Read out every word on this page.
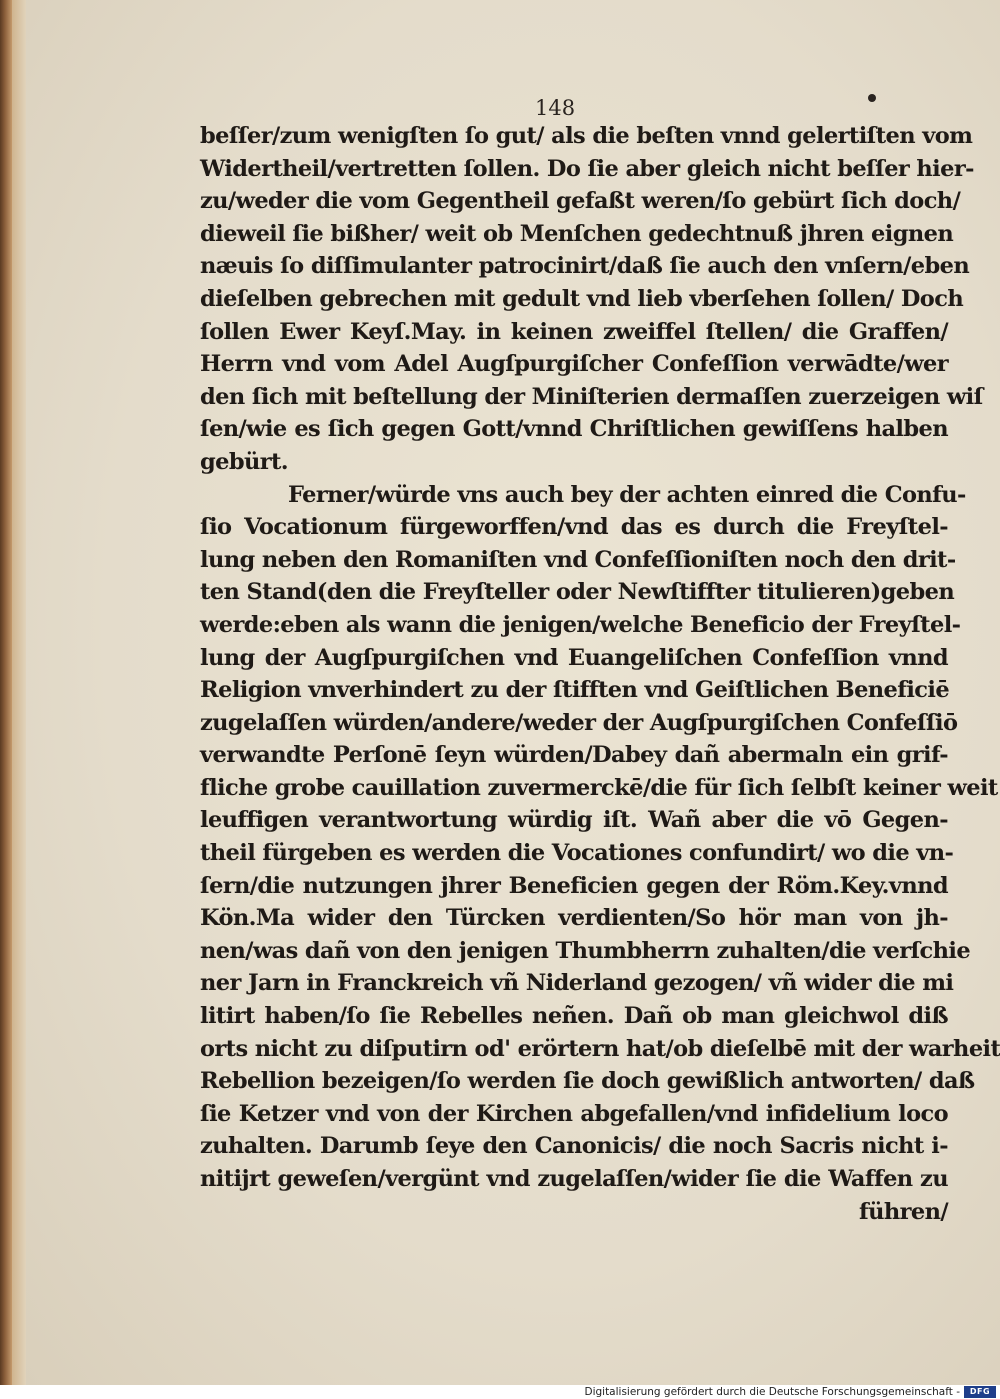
148
beſſer/zum wenigſten ſo gut/ als die beſten vnnd gelertiſten vom
Widertheil/vertretten ſollen. Do ſie aber gleich nicht beſſer hier-
zu/weder die vom Gegentheil gefaßt weren/ſo gebürt ſich doch/
dieweil ſie bißher/ weit ob Menſchen gedechtnuß jhren eignen
næuis ſo diſſimulanter patrocinirt/daß ſie auch den vnſern/eben
dieſelben gebrechen mit gedult vnd lieb vberſehen ſollen/ Doch
ſollen Ewer Keyſ.May. in keinen zweiffel ſtellen/ die Graffen/
Herrn vnd vom Adel Augſpurgiſcher Confeſſion verwādte/wer
den ſich mit beſtellung der Miniſterien dermaſſen zuerzeigen wiſ
ſen/wie es ſich gegen Gott/vnnd Chriſtlichen gewiſſens halben
gebürt.
Ferner/würde vns auch bey der achten einred die Confu-
ſio Vocationum fürgeworffen/vnd das es durch die Freyſtel-
lung neben den Romaniſten vnd Confeſſioniſten noch den drit-
ten Stand(den die Freyſteller oder Newſtiffter titulieren)geben
werde:eben als wann die jenigen/welche Beneficio der Freyſtel-
lung der Augſpurgiſchen vnd Euangeliſchen Confeſſion vnnd
Religion vnverhindert zu der ſtifften vnd Geiſtlichen Beneficiē
zugelaſſen würden/andere/weder der Augſpurgiſchen Confeſſiō
verwandte Perſonē ſeyn würden/Dabey dañ abermaln ein grif-
fliche grobe cauillation zuvermerckē/die für ſich ſelbſt keiner weit
leuffigen verantwortung würdig iſt. Wañ aber die vō Gegen-
theil fürgeben es werden die Vocationes confundirt/ wo die vn-
ſern/die nutzungen jhrer Beneficien gegen der Röm.Key.vnnd
Kön.Ma wider den Türcken verdienten/So hör man von jh-
nen/was dañ von den jenigen Thumbherrn zuhalten/die verſchie
ner Jarn in Franckreich vñ Niderland gezogen/ vñ wider die mi
litirt haben/ſo ſie Rebelles neñen. Dañ ob man gleichwol diß
orts nicht zu diſputirn od' erörtern hat/ob dieſelbē mit der warheit
Rebellion bezeigen/ſo werden ſie doch gewißlich antworten/ daß
ſie Ketzer vnd von der Kirchen abgefallen/vnd infidelium loco
zuhalten. Darumb ſeye den Canonicis/ die noch Sacris nicht i-
nitijrt geweſen/vergünt vnd zugelaſſen/wider ſie die Waffen zu
führen/
Digitalisierung gefördert durch die Deutsche Forschungsgemeinschaft -	DFG
